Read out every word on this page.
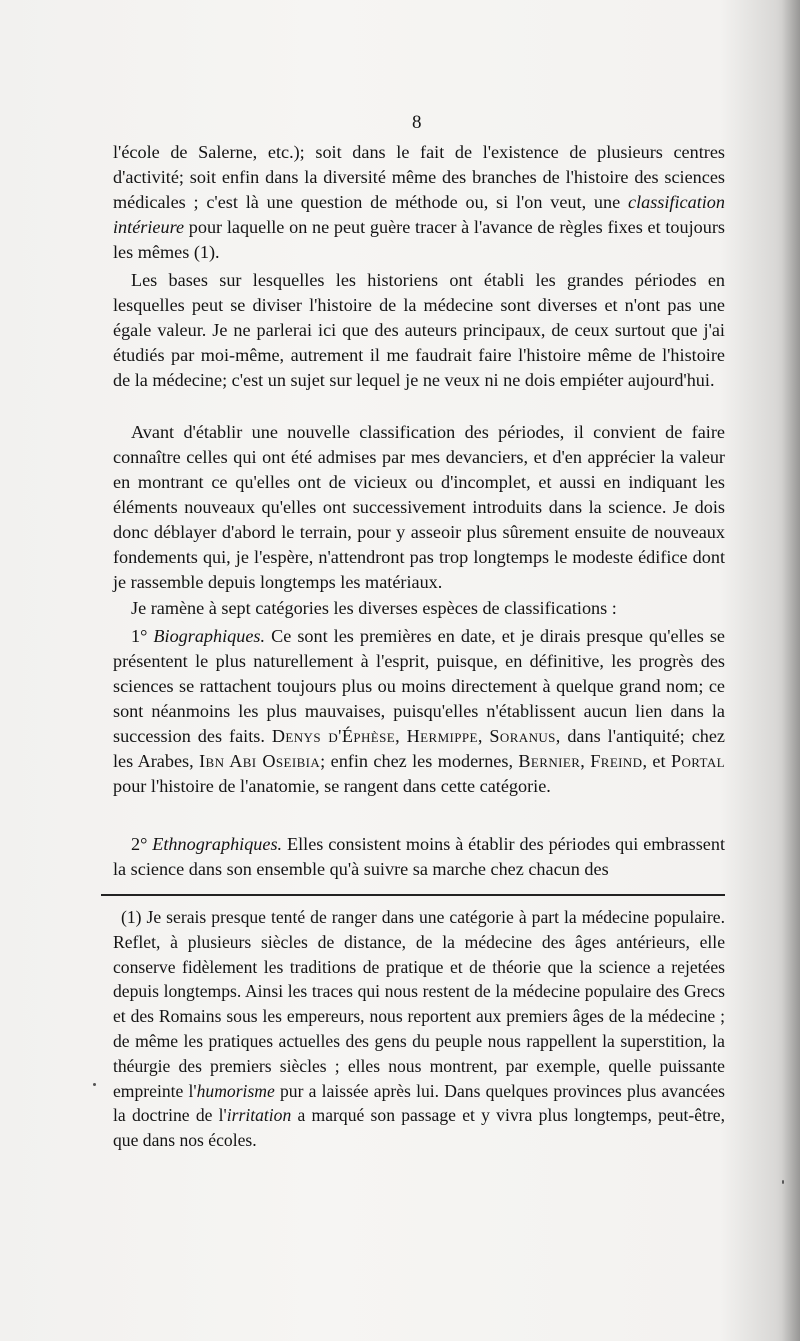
8

l'école de Salerne, etc.); soit dans le fait de l'existence de plusieurs centres d'activité; soit enfin dans la diversité même des branches de l'histoire des sciences médicales ; c'est là une question de méthode ou, si l'on veut, une classification intérieure pour laquelle on ne peut guère tracer à l'avance de règles fixes et toujours les mêmes (1).

Les bases sur lesquelles les historiens ont établi les grandes périodes en lesquelles peut se diviser l'histoire de la médecine sont diverses et n'ont pas une égale valeur. Je ne parlerai ici que des auteurs principaux, de ceux surtout que j'ai étudiés par moi-même, autrement il me faudrait faire l'histoire même de l'histoire de la médecine; c'est un sujet sur lequel je ne veux ni ne dois empiéter aujourd'hui.

Avant d'établir une nouvelle classification des périodes, il convient de faire connaître celles qui ont été admises par mes devanciers, et d'en apprécier la valeur en montrant ce qu'elles ont de vicieux ou d'incomplet, et aussi en indiquant les éléments nouveaux qu'elles ont successivement introduits dans la science. Je dois donc déblayer d'abord le terrain, pour y asseoir plus sûrement ensuite de nouveaux fondements qui, je l'espère, n'attendront pas trop longtemps le modeste édifice dont je rassemble depuis longtemps les matériaux.

Je ramène à sept catégories les diverses espèces de classifications :

1° Biographiques. Ce sont les premières en date, et je dirais presque qu'elles se présentent le plus naturellement à l'esprit, puisque, en définitive, les progrès des sciences se rattachent toujours plus ou moins directement à quelque grand nom; ce sont néanmoins les plus mauvaises, puisqu'elles n'établissent aucun lien dans la succession des faits. Denys d'Éphèse, Hermippe, Soranus, dans l'antiquité; chez les Arabes, Ibn Abi Oseibia; enfin chez les modernes, Bernier, Freind, et Portal pour l'histoire de l'anatomie, se rangent dans cette catégorie.

2° Ethnographiques. Elles consistent moins à établir des périodes qui embrassent la science dans son ensemble qu'à suivre sa marche chez chacun des

(1) Je serais presque tenté de ranger dans une catégorie à part la médecine populaire. Reflet, à plusieurs siècles de distance, de la médecine des âges antérieurs, elle conserve fidèlement les traditions de pratique et de théorie que la science a rejetées depuis longtemps. Ainsi les traces qui nous restent de la médecine populaire des Grecs et des Romains sous les empereurs, nous reportent aux premiers âges de la médecine ; de même les pratiques actuelles des gens du peuple nous rappellent la superstition, la théurgie des premiers siècles ; elles nous montrent, par exemple, quelle puissante empreinte l'humorisme pur a laissée après lui. Dans quelques provinces plus avancées la doctrine de l'irritation a marqué son passage et y vivra plus longtemps, peut-être, que dans nos écoles.
